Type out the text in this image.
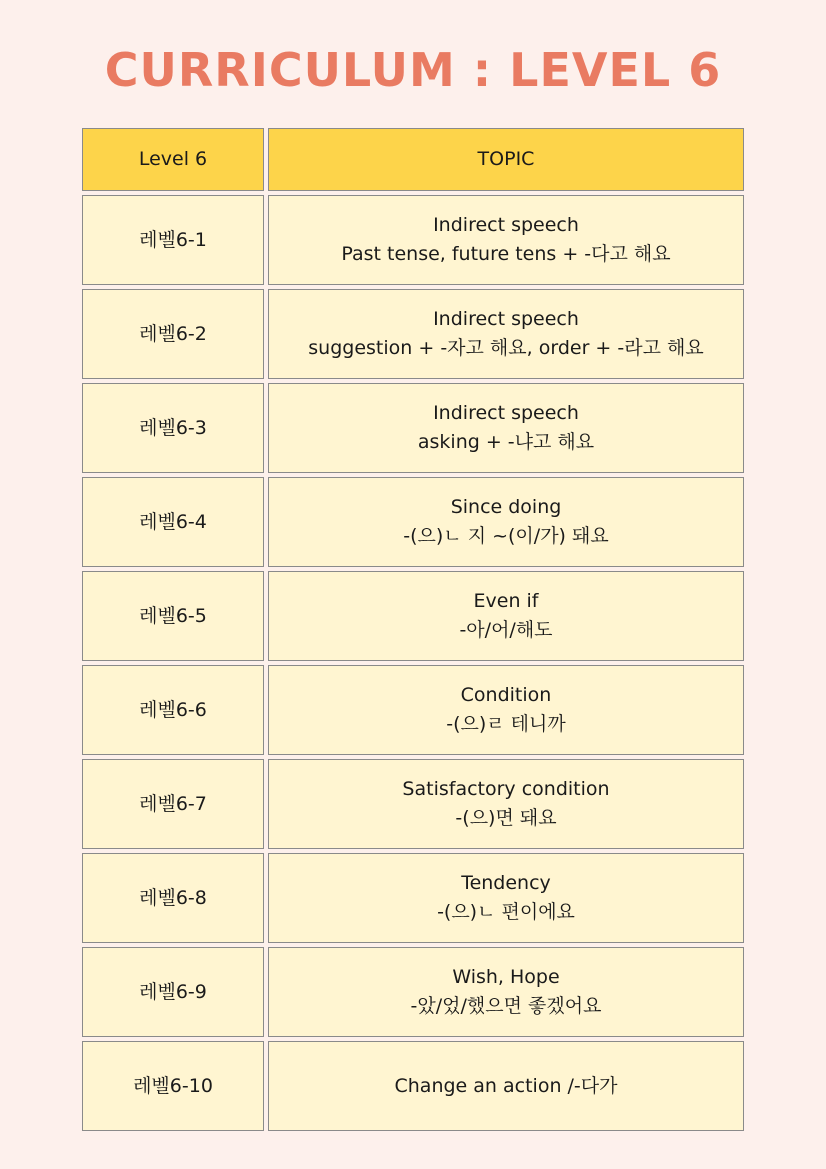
CURRICULUM : LEVEL 6
Level 6	TOPIC
레벨6-1
Indirect speech
Past tense, future tens + -다고 해요
레벨6-2
Indirect speech
suggestion + -자고 해요, order + -라고 해요
레벨6-3
Indirect speech
asking + -냐고 해요
레벨6-4
Since doing
-(으)ㄴ 지 ~(이/가) 돼요
레벨6-5
Even if
-아/어/해도
레벨6-6
Condition
-(으)ㄹ 테니까
레벨6-7
Satisfactory condition
-(으)면 돼요
레벨6-8
Tendency
-(으)ㄴ 편이에요
레벨6-9
Wish, Hope
-았/었/했으면 좋겠어요
레벨6-10	Change an action /-다가
